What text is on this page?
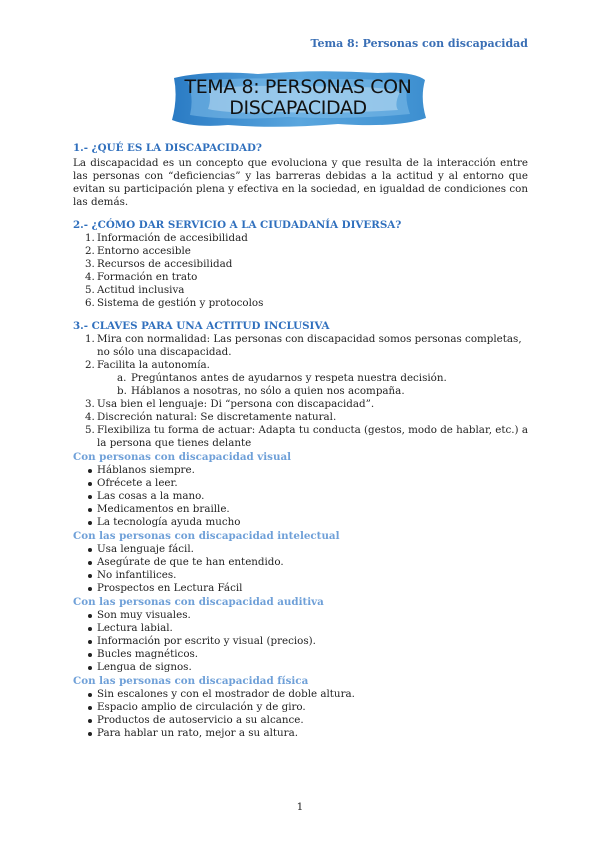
Tema 8: Personas con discapacidad
TEMA 8: PERSONAS CON
DISCAPACIDAD
1.- ¿QUÉ ES LA DISCAPACIDAD?

La discapacidad es un concepto que evoluciona y que resulta de la interacción entre las personas con “deficiencias” y las barreras debidas a la actitud y al entorno que evitan su participación plena y efectiva en la sociedad, en igualdad de condiciones con las demás.

2.- ¿CÓMO DAR SERVICIO A LA CIUDADANÍA DIVERSA?
1. Información de accesibilidad
2. Entorno accesible
3. Recursos de accesibilidad
4. Formación en trato
5. Actitud inclusiva
6. Sistema de gestión y protocolos
3.- CLAVES PARA UNA ACTITUD INCLUSIVA
1. Mira con normalidad: Las personas con discapacidad somos personas completas, no sólo una discapacidad.
2. Facilita la autonomía.
a. Pregúntanos antes de ayudarnos y respeta nuestra decisión.
b. Háblanos a nosotras, no sólo a quien nos acompaña.
3. Usa bien el lenguaje: Di “persona con discapacidad”.
4. Discreción natural: Se discretamente natural.
5. Flexibiliza tu forma de actuar: Adapta tu conducta (gestos, modo de hablar, etc.) a la persona que tienes delante
Con personas con discapacidad visual
Háblanos siempre.
Ofrécete a leer.
Las cosas a la mano.
Medicamentos en braille.
La tecnología ayuda mucho
Con las personas con discapacidad intelectual
Usa lenguaje fácil.
Asegúrate de que te han entendido.
No infantilices.
Prospectos en Lectura Fácil
Con las personas con discapacidad auditiva
Son muy visuales.
Lectura labial.
Información por escrito y visual (precios).
Bucles magnéticos.
Lengua de signos.
Con las personas con discapacidad física
Sin escalones y con el mostrador de doble altura.
Espacio amplio de circulación y de giro.
Productos de autoservicio a su alcance.
Para hablar un rato, mejor a su altura.
1
